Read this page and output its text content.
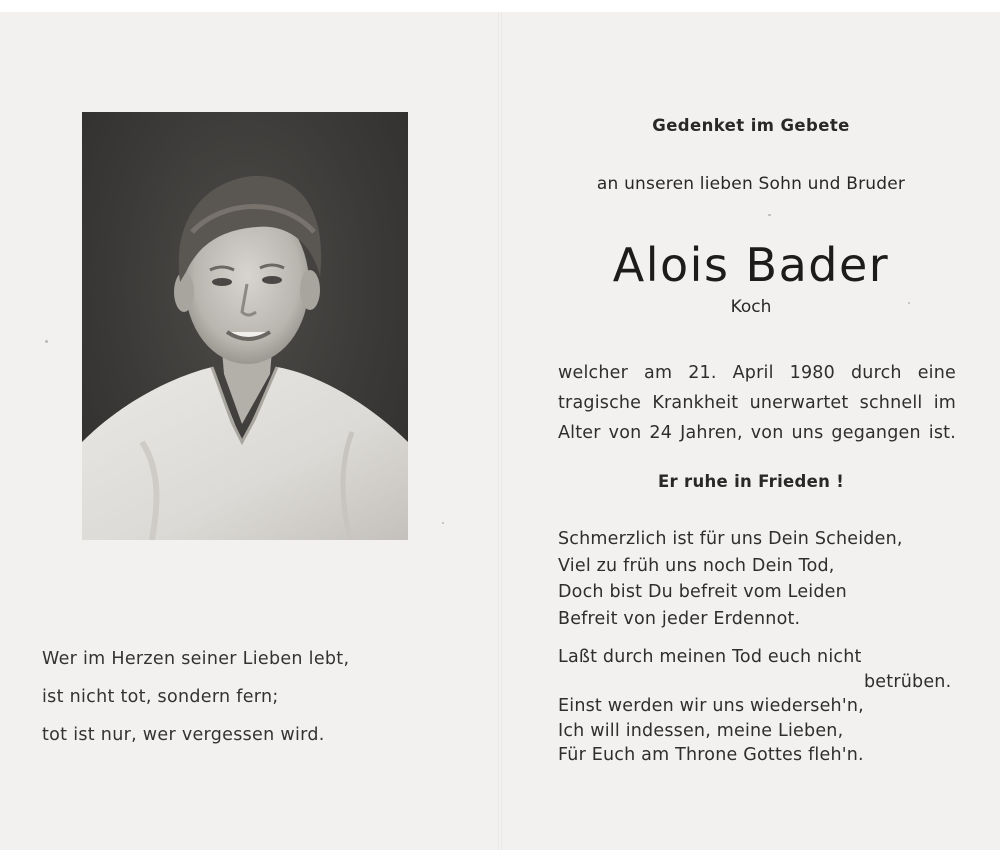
Wer im Herzen seiner Lieben lebt,
ist nicht tot, sondern fern;
tot ist nur, wer vergessen wird.
Gedenket im Gebete
an unseren lieben Sohn und Bruder
Alois Bader
Koch
welcher am 21. April 1980 durch eine
tragische Krankheit unerwartet schnell im
Alter von 24 Jahren, von uns gegangen ist.
Er ruhe in Frieden !
Schmerzlich ist für uns Dein Scheiden,
Viel zu früh uns noch Dein Tod,
Doch bist Du befreit vom Leiden
Befreit von jeder Erdennot.
Laßt durch meinen Tod euch nicht
betrüben.
Einst werden wir uns wiederseh'n,
Ich will indessen, meine Lieben,
Für Euch am Throne Gottes fleh'n.
